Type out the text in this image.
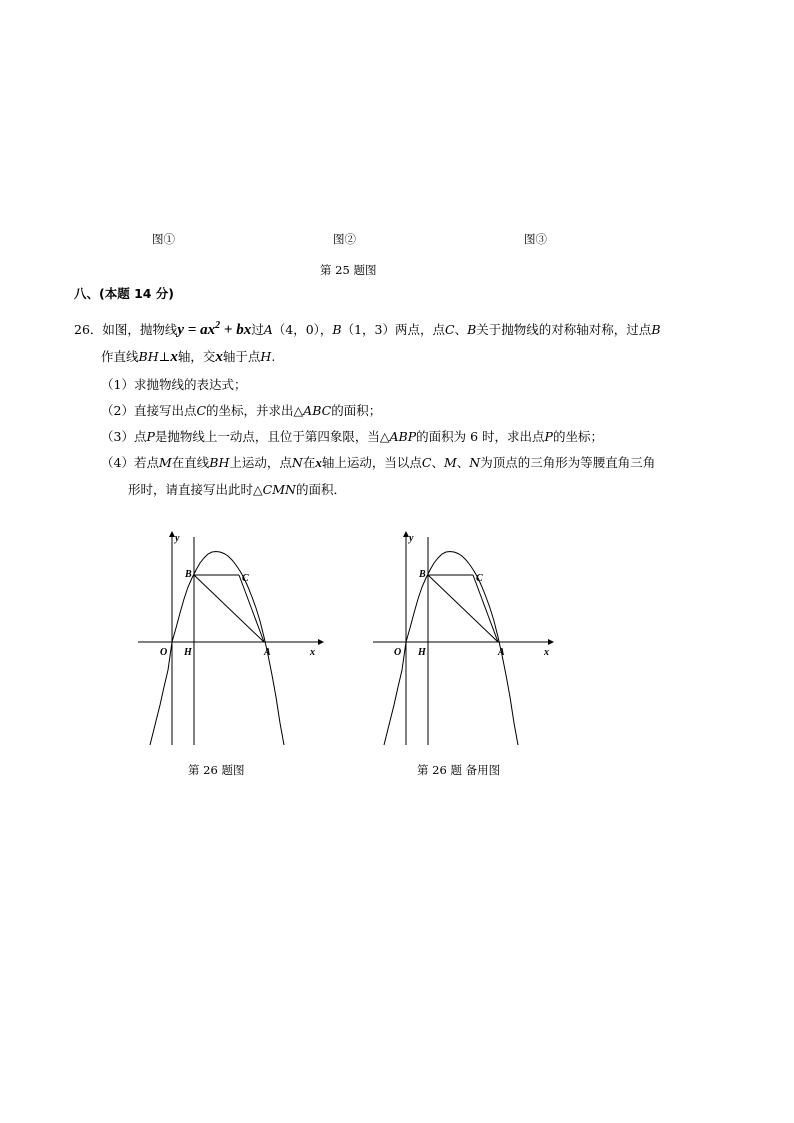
图①	图②	图③
第 25 题图
八、(本题 14 分)
26．如图，抛物线$y = ax^2$ + bx过A（4，0），B（1，3）两点，点C、B关于抛物线的对称轴对称，过点B
作直线BH⊥x轴，交x轴于点H.
（1）求抛物线的表达式；
（2）直接写出点C的坐标，并求出△ABC的面积；
（3）点P是抛物线上一动点，且位于第四象限，当△ABP的面积为 6 时，求出点P的坐标；
（4）若点M在直线BH上运动，点N在x轴上运动，当以点C、M、N为顶点的三角形为等腰直角三角
形时，请直接写出此时△CMN的面积．
y
x
O H	A
B	C
y
x
O H	A
B	C
第 26 题图	第 26 题 备用图
